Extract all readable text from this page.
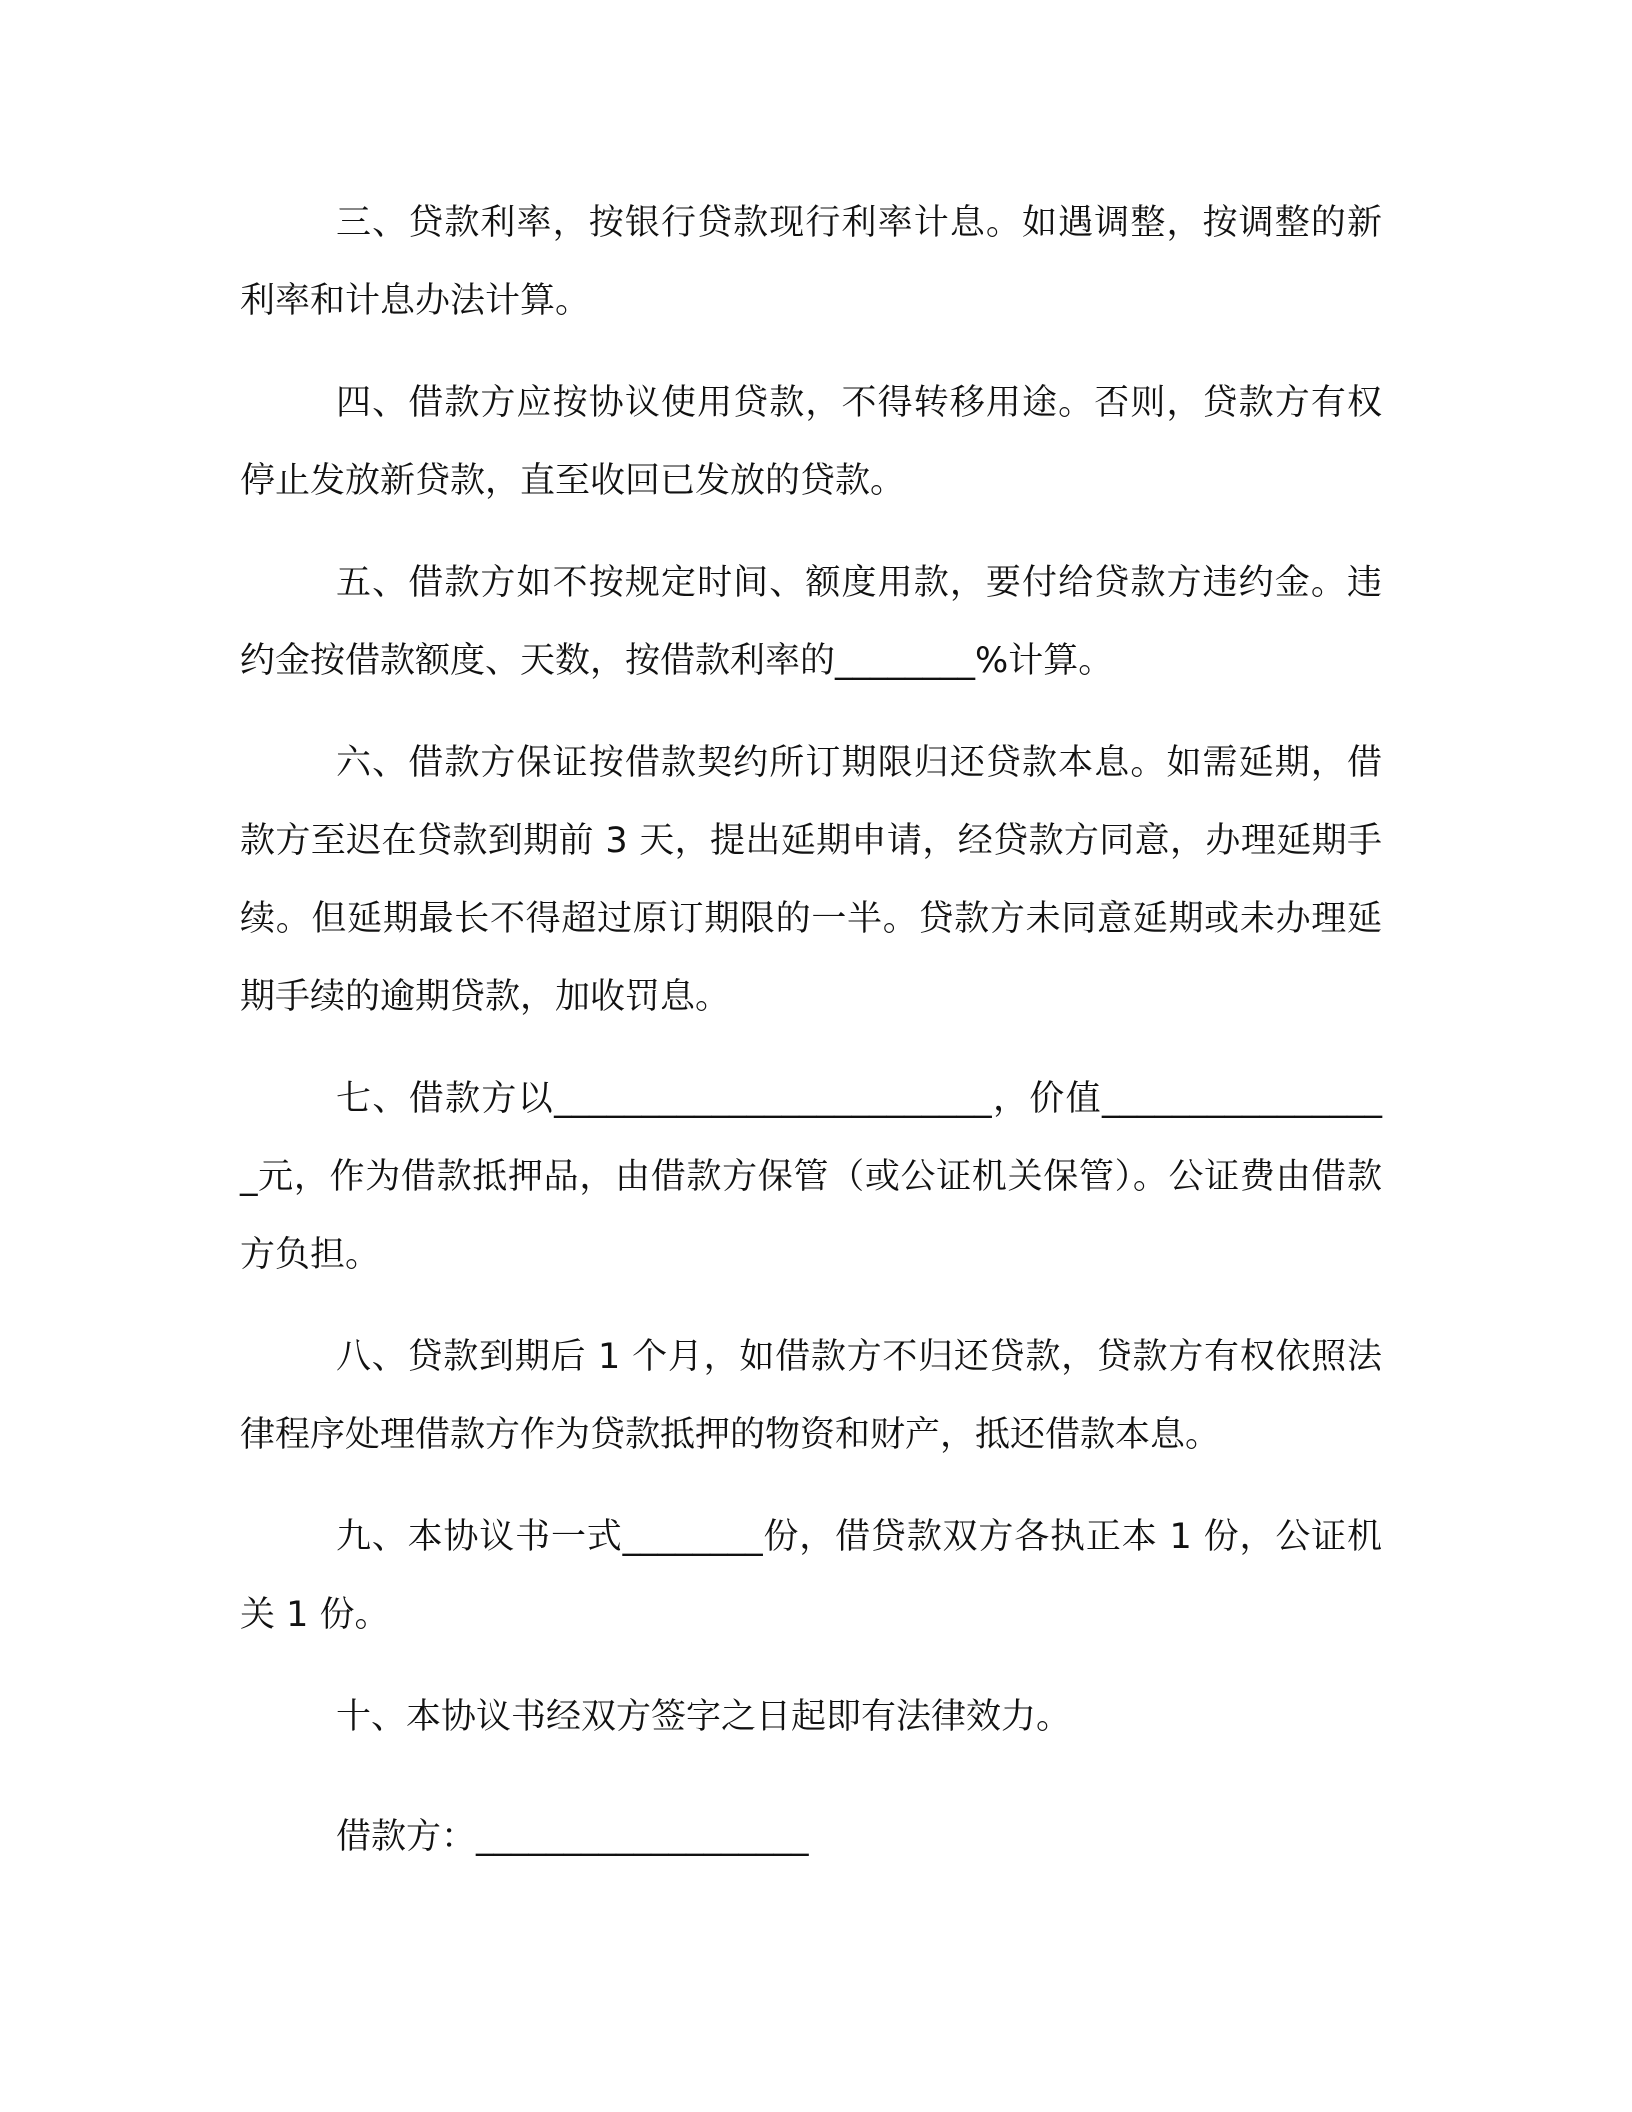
三、贷款利率，按银行贷款现行利率计息。如遇调整，按调整的新利率和计息办法计算。

四、借款方应按协议使用贷款，不得转移用途。否则，贷款方有权停止发放新贷款，直至收回已发放的贷款。

五、借款方如不按规定时间、额度用款，要付给贷款方违约金。违约金按借款额度、天数，按借款利率的________%计算。

六、借款方保证按借款契约所订期限归还贷款本息。如需延期，借款方至迟在贷款到期前 3 天，提出延期申请，经贷款方同意，办理延期手续。但延期最长不得超过原订期限的一半。贷款方未同意延期或未办理延期手续的逾期贷款，加收罚息。

七、借款方以_________________________，价值_________________元，作为借款抵押品，由借款方保管（或公证机关保管）。公证费由借款方负担。

八、贷款到期后 1 个月，如借款方不归还贷款，贷款方有权依照法律程序处理借款方作为贷款抵押的物资和财产，抵还借款本息。

九、本协议书一式________份，借贷款双方各执正本 1 份，公证机关 1 份。

十、本协议书经双方签字之日起即有法律效力。

借款方：___________________
